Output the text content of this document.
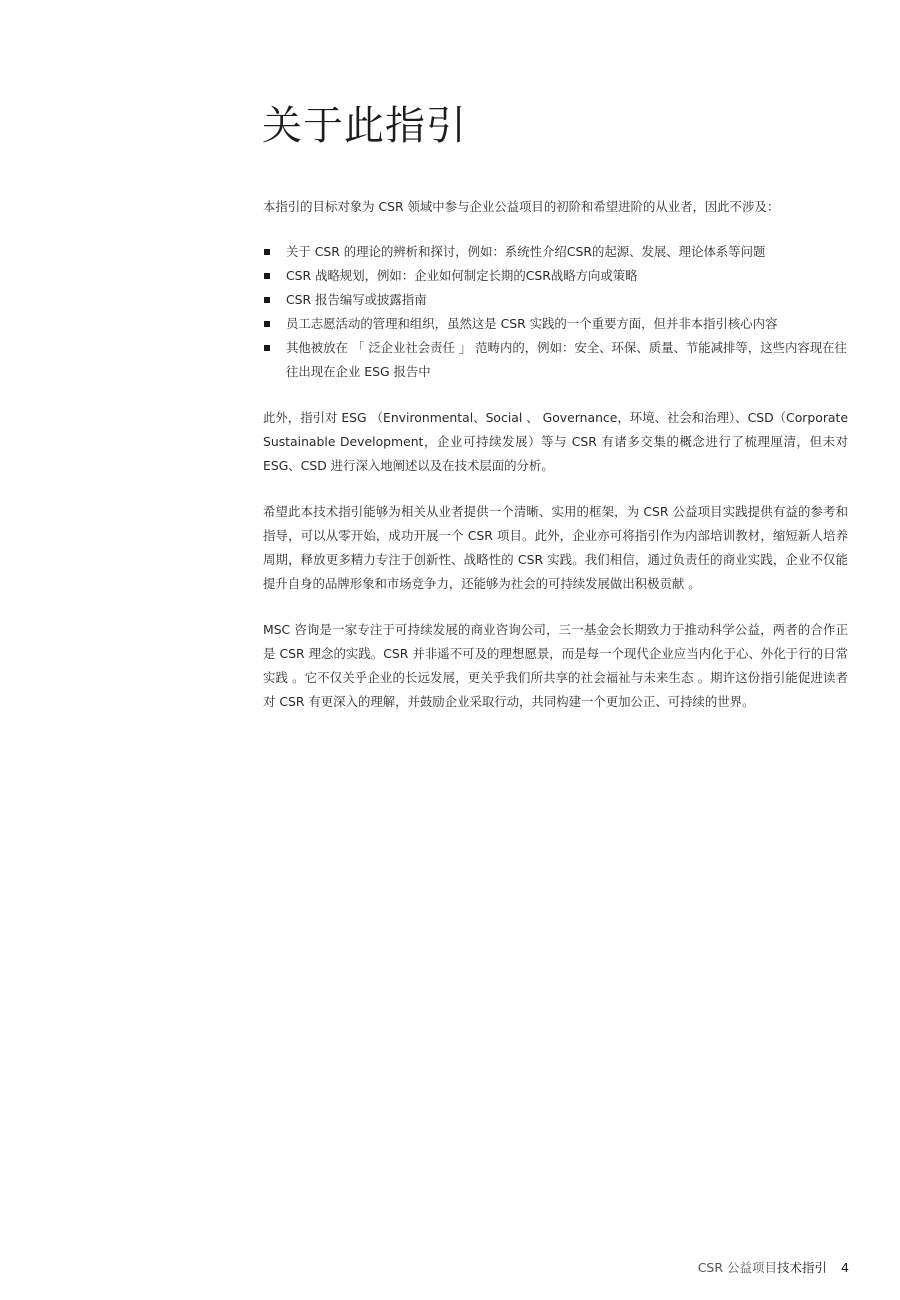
关于此指引

本指引的目标对象为 CSR 领域中参与企业公益项目的初阶和希望进阶的从业者，因此不涉及：

关于 CSR 的理论的辨析和探讨，例如：系统性介绍CSR的起源、发展、理论体系等问题
CSR 战略规划，例如：企业如何制定长期的CSR战略方向或策略
CSR 报告编写或披露指南
员工志愿活动的管理和组织，虽然这是 CSR 实践的一个重要方面，但并非本指引核心内容
其他被放在 「 泛企业社会责任 」 范畴内的，例如：安全、环保、质量、节能减排等，这些内容现在往往出现在企业 ESG 报告中

此外，指引对 ESG （Environmental、Social 、 Governance，环境、社会和治理）、CSD（Corporate Sustainable Development，企业可持续发展）等与 CSR 有诸多交集的概念进行了梳理厘清，但未对 ESG、CSD 进行深入地阐述以及在技术层面的分析。

希望此本技术指引能够为相关从业者提供一个清晰、实用的框架，为 CSR 公益项目实践提供有益的参考和指导，可以从零开始，成功开展一个 CSR 项目。此外，企业亦可将指引作为内部培训教材，缩短新人培养周期，释放更多精力专注于创新性、战略性的 CSR 实践。我们相信，通过负责任的商业实践，企业不仅能提升自身的品牌形象和市场竞争力，还能够为社会的可持续发展做出积极贡献 。

MSC 咨询是一家专注于可持续发展的商业咨询公司，三一基金会长期致力于推动科学公益，两者的合作正是 CSR 理念的实践。CSR 并非遥不可及的理想愿景，而是每一个现代企业应当内化于心、外化于行的日常实践 。它不仅关乎企业的长远发展，更关乎我们所共享的社会福祉与未来生态 。期许这份指引能促进读者对 CSR 有更深入的理解，并鼓励企业采取行动，共同构建一个更加公正、可持续的世界。

CSR 公益项目技术指引 4
